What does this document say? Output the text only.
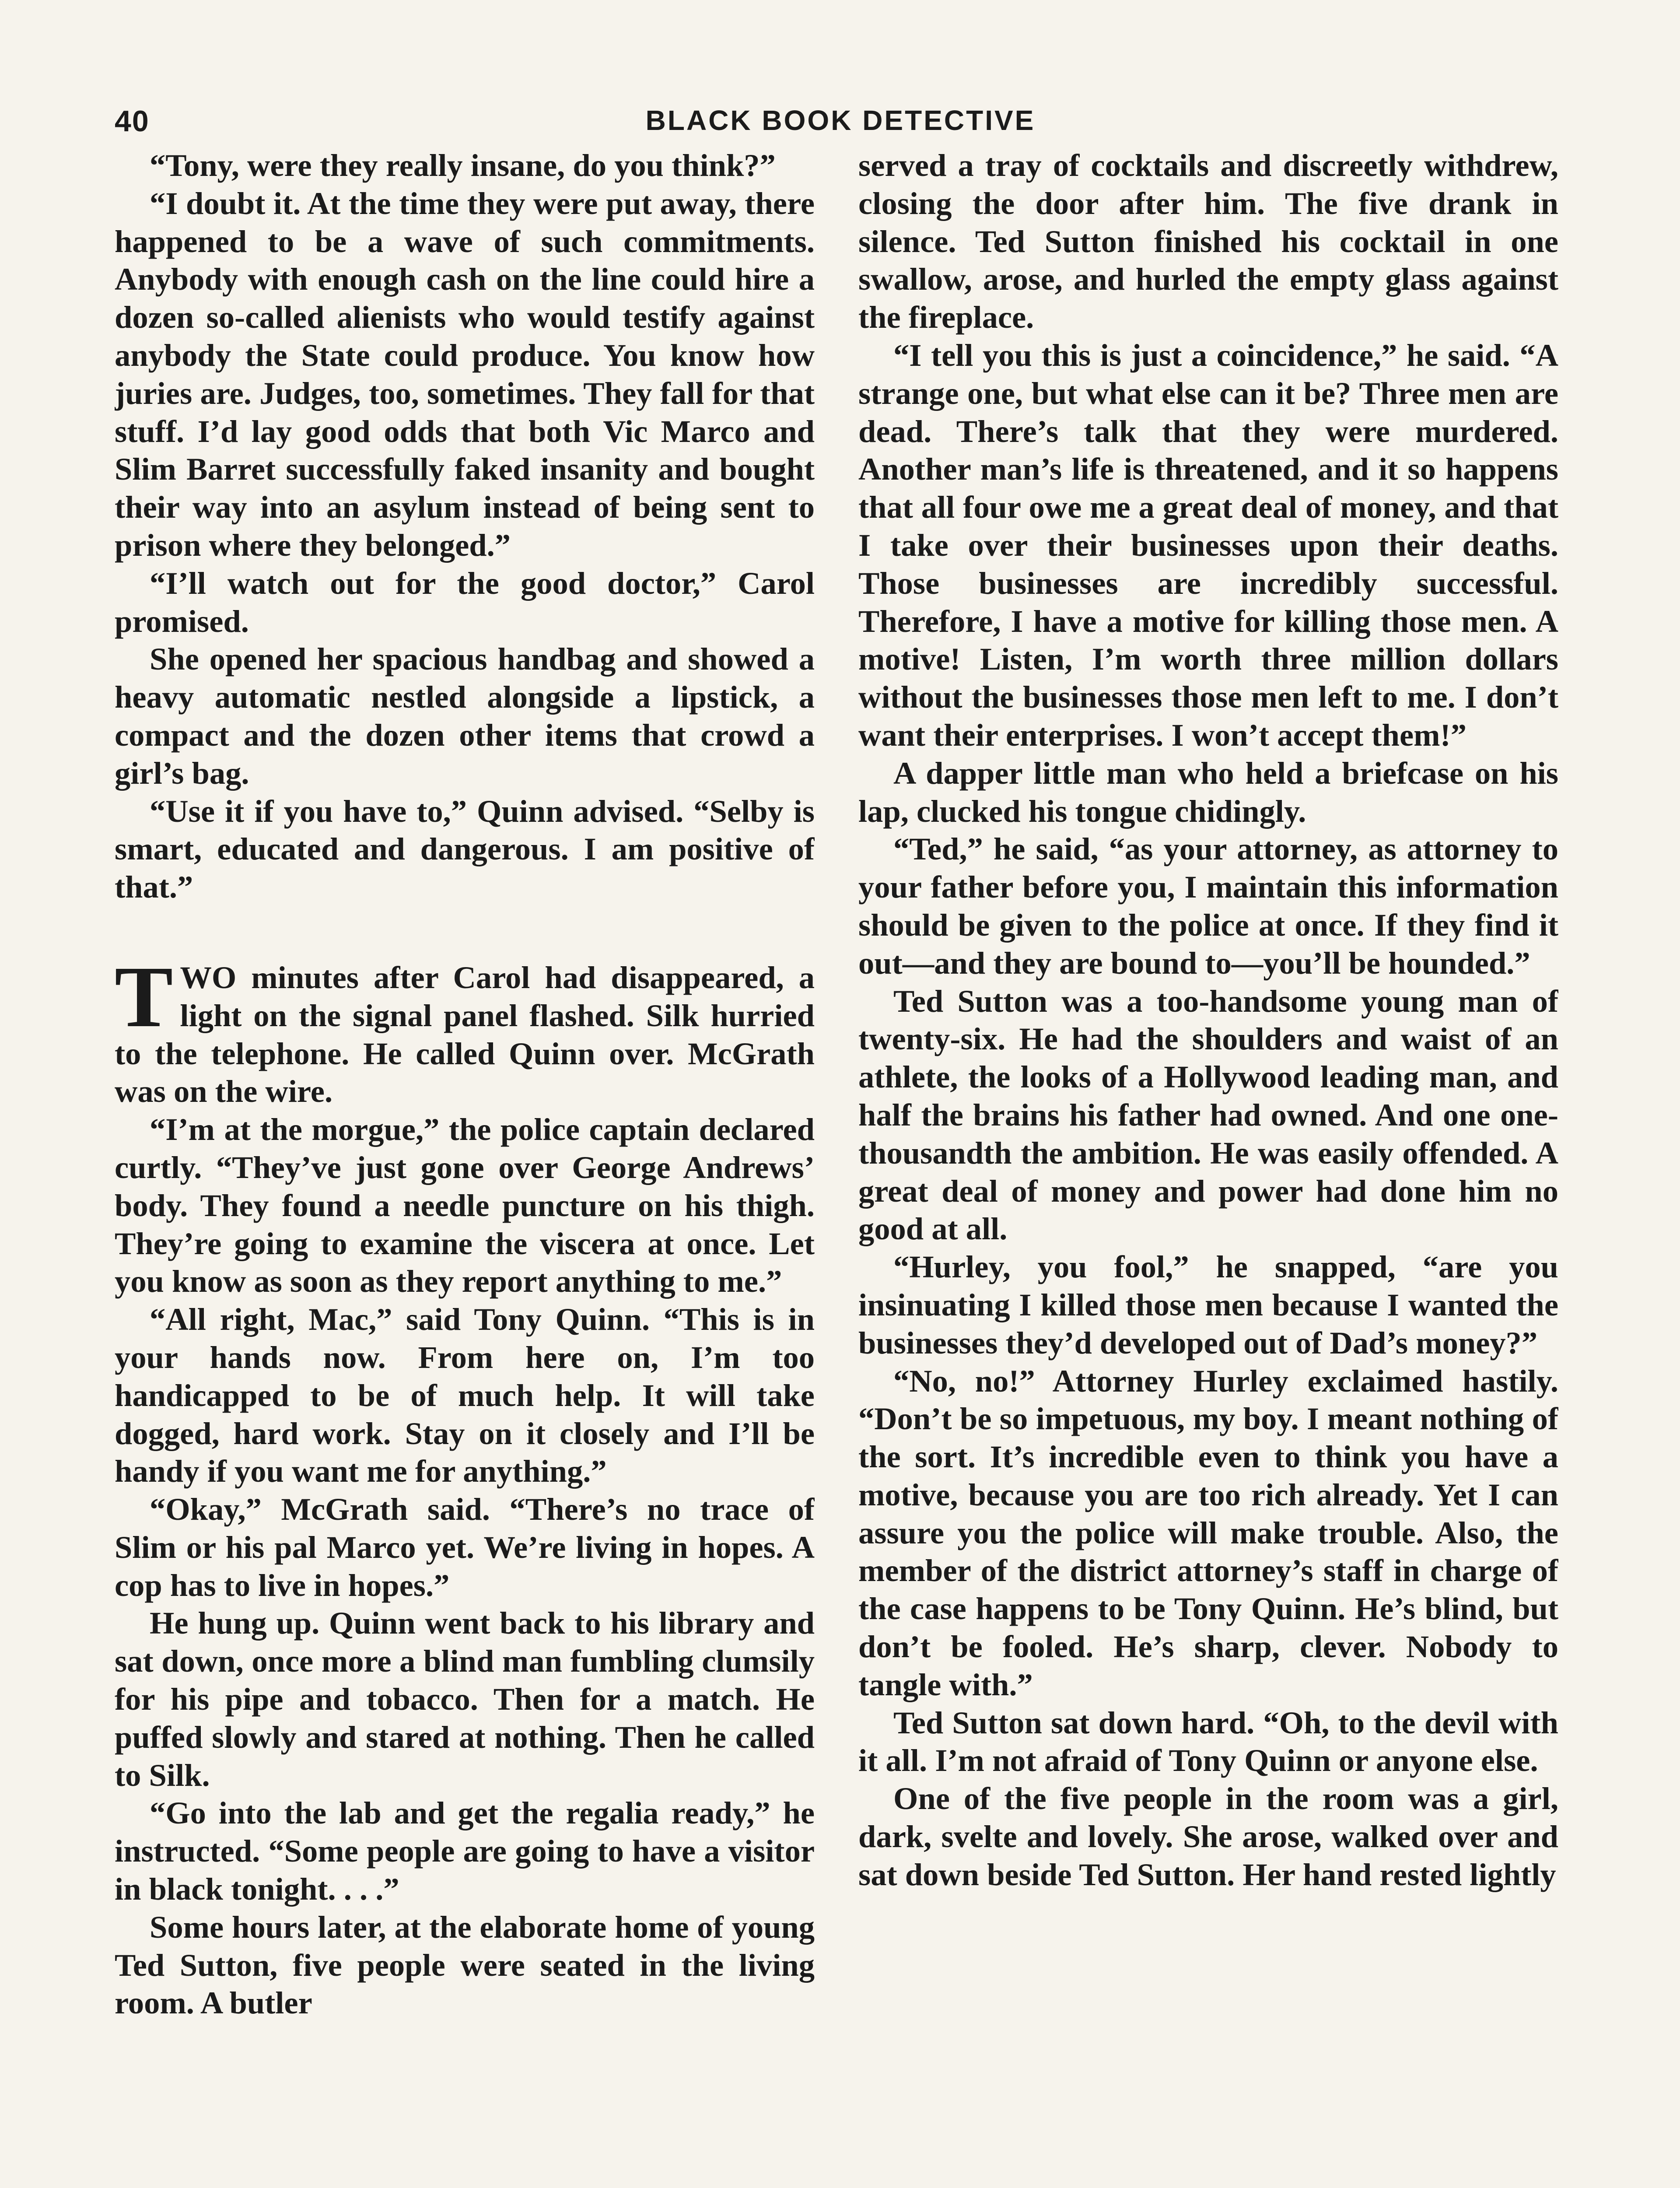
40	BLACK BOOK DETECTIVE

“Tony, were they really insane, do you think?”

“I doubt it. At the time they were put away, there happened to be a wave of such commitments. Anybody with enough cash on the line could hire a dozen so-called alienists who would testify against anybody the State could produce. You know how juries are. Judges, too, sometimes. They fall for that stuff. I’d lay good odds that both Vic Marco and Slim Barret successfully faked insanity and bought their way into an asylum instead of being sent to prison where they belonged.”

“I’ll watch out for the good doctor,” Carol promised.

She opened her spacious handbag and showed a heavy automatic nestled alongside a lipstick, a compact and the dozen other items that crowd a girl’s bag.

“Use it if you have to,” Quinn advised. “Selby is smart, educated and dangerous. I am positive of that.”

TWO minutes after Carol had disappeared, a light on the signal panel flashed. Silk hurried to the telephone. He called Quinn over. McGrath was on the wire.

“I’m at the morgue,” the police captain declared curtly. “They’ve just gone over George Andrews’ body. They found a needle puncture on his thigh. They’re going to examine the viscera at once. Let you know as soon as they report anything to me.”

“All right, Mac,” said Tony Quinn. “This is in your hands now. From here on, I’m too handicapped to be of much help. It will take dogged, hard work. Stay on it closely and I’ll be handy if you want me for anything.”

“Okay,” McGrath said. “There’s no trace of Slim or his pal Marco yet. We’re living in hopes. A cop has to live in hopes.”

He hung up. Quinn went back to his library and sat down, once more a blind man fumbling clumsily for his pipe and tobacco. Then for a match. He puffed slowly and stared at nothing. Then he called to Silk.

“Go into the lab and get the regalia ready,” he instructed. “Some people are going to have a visitor in black tonight. . . .”

Some hours later, at the elaborate home of young Ted Sutton, five people were seated in the living room. A butler

served a tray of cocktails and discreetly withdrew, closing the door after him. The five drank in silence. Ted Sutton finished his cocktail in one swallow, arose, and hurled the empty glass against the fireplace.

“I tell you this is just a coincidence,” he said. “A strange one, but what else can it be? Three men are dead. There’s talk that they were murdered. Another man’s life is threatened, and it so happens that all four owe me a great deal of money, and that I take over their businesses upon their deaths. Those businesses are incredibly successful. Therefore, I have a motive for killing those men. A motive! Listen, I’m worth three million dollars without the businesses those men left to me. I don’t want their enterprises. I won’t accept them!”

A dapper little man who held a briefcase on his lap, clucked his tongue chidingly.

“Ted,” he said, “as your attorney, as attorney to your father before you, I maintain this information should be given to the police at once. If they find it out—and they are bound to—you’ll be hounded.”

Ted Sutton was a too-handsome young man of twenty-six. He had the shoulders and waist of an athlete, the looks of a Hollywood leading man, and half the brains his father had owned. And one one-thousandth the ambition. He was easily offended. A great deal of money and power had done him no good at all.

“Hurley, you fool,” he snapped, “are you insinuating I killed those men because I wanted the businesses they’d developed out of Dad’s money?”

“No, no!” Attorney Hurley exclaimed hastily. “Don’t be so impetuous, my boy. I meant nothing of the sort. It’s incredible even to think you have a motive, because you are too rich already. Yet I can assure you the police will make trouble. Also, the member of the district attorney’s staff in charge of the case happens to be Tony Quinn. He’s blind, but don’t be fooled. He’s sharp, clever. Nobody to tangle with.”

Ted Sutton sat down hard. “Oh, to the devil with it all. I’m not afraid of Tony Quinn or anyone else.

One of the five people in the room was a girl, dark, svelte and lovely. She arose, walked over and sat down beside Ted Sutton. Her hand rested lightly
